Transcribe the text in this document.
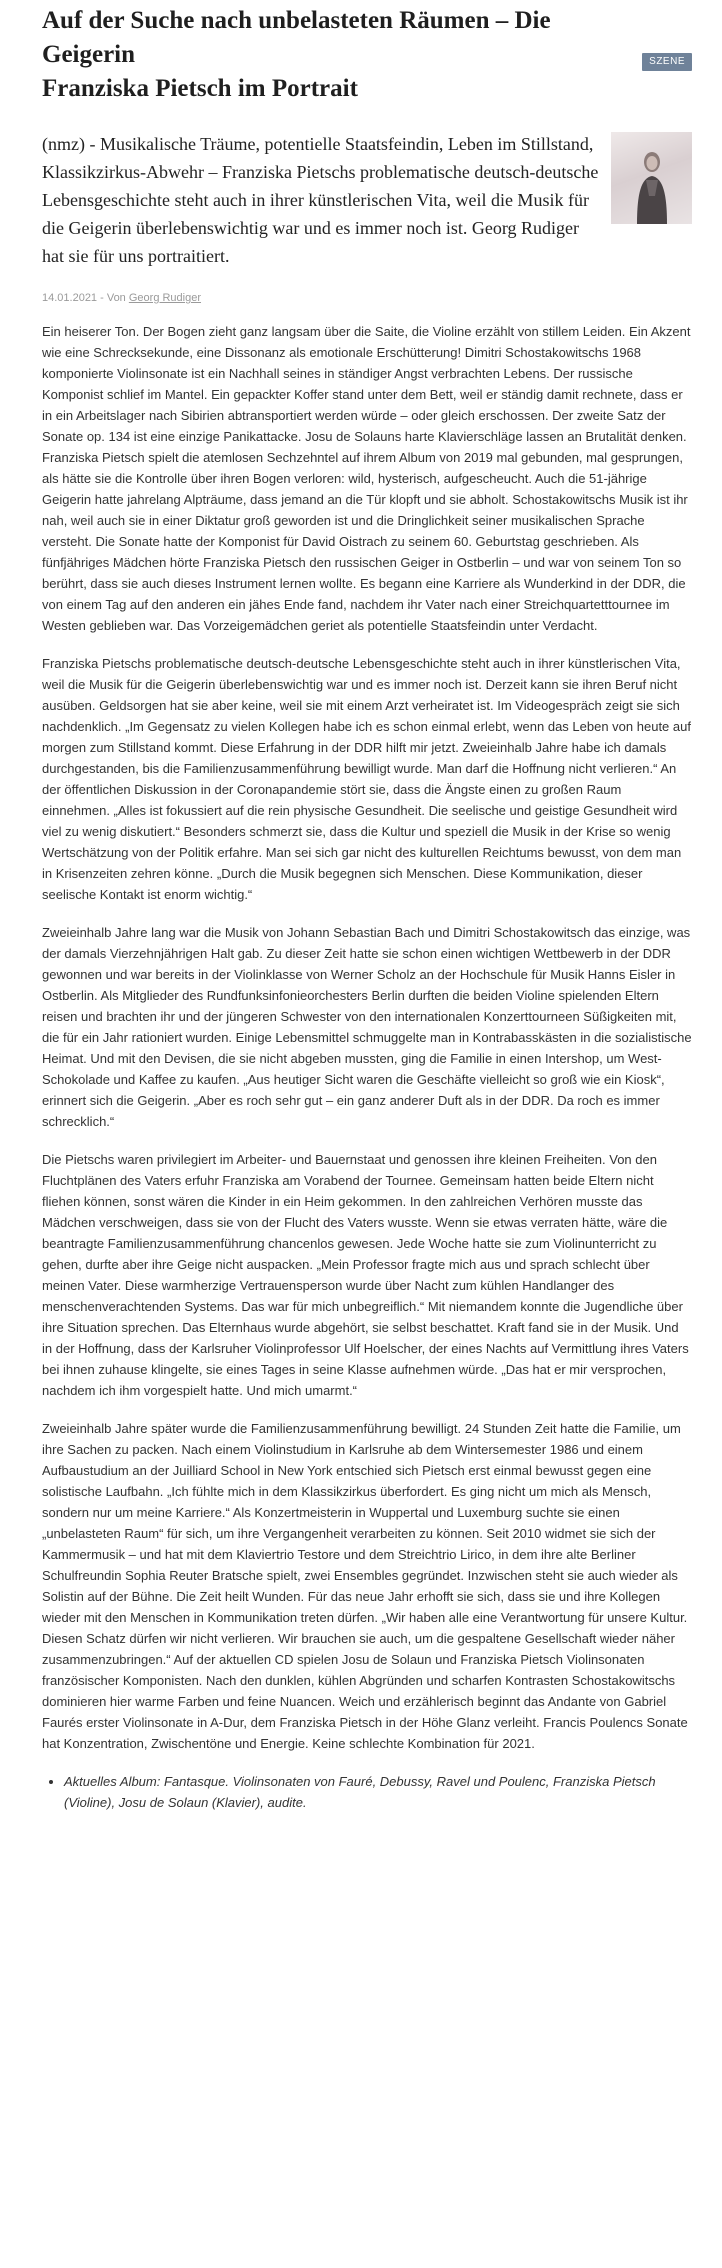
Auf der Suche nach unbelasteten Räumen – Die Geigerin
Franziska Pietsch im Portrait
SZENE

(nmz) - Musikalische Träume, potentielle Staatsfeindin, Leben im Stillstand, Klassikzirkus-Abwehr – Franziska Pietschs problematische deutsch-deutsche Lebensgeschichte steht auch in ihrer künstlerischen Vita, weil die Musik für die Geigerin überlebenswichtig war und es immer noch ist. Georg Rudiger hat sie für uns portraitiert.

14.01.2021 - Von Georg Rudiger

Ein heiserer Ton. Der Bogen zieht ganz langsam über die Saite, die Violine erzählt von stillem Leiden. Ein Akzent wie eine Schrecksekunde, eine Dissonanz als emotionale Erschütterung! Dimitri Schostakowitschs 1968 komponierte Violinsonate ist ein Nachhall seines in ständiger Angst verbrachten Lebens. Der russische Komponist schlief im Mantel. Ein gepackter Koffer stand unter dem Bett, weil er ständig damit rechnete, dass er in ein Arbeitslager nach Sibirien abtransportiert werden würde – oder gleich erschossen. Der zweite Satz der Sonate op. 134 ist eine einzige Panikattacke. Josu de Solauns harte Klavierschläge lassen an Brutalität denken. Franziska Pietsch spielt die atemlosen Sechzehntel auf ihrem Album von 2019 mal gebunden, mal gesprungen, als hätte sie die Kontrolle über ihren Bogen verloren: wild, hysterisch, aufgescheucht. Auch die 51-jährige Geigerin hatte jahrelang Alpträume, dass jemand an die Tür klopft und sie abholt. Schostakowitschs Musik ist ihr nah, weil auch sie in einer Diktatur groß geworden ist und die Dringlichkeit seiner musikalischen Sprache versteht. Die Sonate hatte der Komponist für David Oistrach zu seinem 60. Geburtstag geschrieben. Als fünfjähriges Mädchen hörte Franziska Pietsch den russischen Geiger in Ostberlin – und war von seinem Ton so berührt, dass sie auch dieses Instrument lernen wollte. Es begann eine Karriere als Wunderkind in der DDR, die von einem Tag auf den anderen ein jähes Ende fand, nachdem ihr Vater nach einer Streichquartetttournee im Westen geblieben war. Das Vorzeigemädchen geriet als potentielle Staatsfeindin unter Verdacht.

Franziska Pietschs problematische deutsch-deutsche Lebensgeschichte steht auch in ihrer künstlerischen Vita, weil die Musik für die Geigerin überlebenswichtig war und es immer noch ist. Derzeit kann sie ihren Beruf nicht ausüben. Geldsorgen hat sie aber keine, weil sie mit einem Arzt verheiratet ist. Im Videogespräch zeigt sie sich nachdenklich. „Im Gegensatz zu vielen Kollegen habe ich es schon einmal erlebt, wenn das Leben von heute auf morgen zum Stillstand kommt. Diese Erfahrung in der DDR hilft mir jetzt. Zweieinhalb Jahre habe ich damals durchgestanden, bis die Familienzusammenführung bewilligt wurde. Man darf die Hoffnung nicht verlieren.“ An der öffentlichen Diskussion in der Coronapandemie stört sie, dass die Ängste einen zu großen Raum einnehmen. „Alles ist fokussiert auf die rein physische Gesundheit. Die seelische und geistige Gesundheit wird viel zu wenig diskutiert.“ Besonders schmerzt sie, dass die Kultur und speziell die Musik in der Krise so wenig Wertschätzung von der Politik erfahre. Man sei sich gar nicht des kulturellen Reichtums bewusst, von dem man in Krisenzeiten zehren könne. „Durch die Musik begegnen sich Menschen. Diese Kommunikation, dieser seelische Kontakt ist enorm wichtig.“

Zweieinhalb Jahre lang war die Musik von Johann Sebastian Bach und Dimitri Schostakowitsch das einzige, was der damals Vierzehnjährigen Halt gab. Zu dieser Zeit hatte sie schon einen wichtigen Wettbewerb in der DDR gewonnen und war bereits in der Violinklasse von Werner Scholz an der Hochschule für Musik Hanns Eisler in Ostberlin. Als Mitglieder des Rundfunksinfonieorchesters Berlin durften die beiden Violine spielenden Eltern reisen und brachten ihr und der jüngeren Schwester von den internationalen Konzerttourneen Süßigkeiten mit, die für ein Jahr rationiert wurden. Einige Lebensmittel schmuggelte man in Kontrabasskästen in die sozialistische Heimat. Und mit den Devisen, die sie nicht abgeben mussten, ging die Familie in einen Intershop, um West-Schokolade und Kaffee zu kaufen. „Aus heutiger Sicht waren die Geschäfte vielleicht so groß wie ein Kiosk“, erinnert sich die Geigerin. „Aber es roch sehr gut – ein ganz anderer Duft als in der DDR. Da roch es immer schrecklich.“

Die Pietschs waren privilegiert im Arbeiter- und Bauernstaat und genossen ihre kleinen Freiheiten. Von den Fluchtplänen des Vaters erfuhr Franziska am Vorabend der Tournee. Gemeinsam hatten beide Eltern nicht fliehen können, sonst wären die Kinder in ein Heim gekommen. In den zahlreichen Verhören musste das Mädchen verschweigen, dass sie von der Flucht des Vaters wusste. Wenn sie etwas verraten hätte, wäre die beantragte Familienzusammenführung chancenlos gewesen. Jede Woche hatte sie zum Violinunterricht zu gehen, durfte aber ihre Geige nicht auspacken. „Mein Professor fragte mich aus und sprach schlecht über meinen Vater. Diese warmherzige Vertrauensperson wurde über Nacht zum kühlen Handlanger des menschenverachtenden Systems. Das war für mich unbegreiflich.“ Mit niemandem konnte die Jugendliche über ihre Situation sprechen. Das Elternhaus wurde abgehört, sie selbst beschattet. Kraft fand sie in der Musik. Und in der Hoffnung, dass der Karlsruher Violinprofessor Ulf Hoelscher, der eines Nachts auf Vermittlung ihres Vaters bei ihnen zuhause klingelte, sie eines Tages in seine Klasse aufnehmen würde. „Das hat er mir versprochen, nachdem ich ihm vorgespielt hatte. Und mich umarmt.“

Zweieinhalb Jahre später wurde die Familienzusammenführung bewilligt. 24 Stunden Zeit hatte die Familie, um ihre Sachen zu packen. Nach einem Violinstudium in Karlsruhe ab dem Wintersemester 1986 und einem Aufbaustudium an der Juilliard School in New York entschied sich Pietsch erst einmal bewusst gegen eine solistische Laufbahn. „Ich fühlte mich in dem Klassikzirkus überfordert. Es ging nicht um mich als Mensch, sondern nur um meine Karriere.“ Als Konzertmeisterin in Wuppertal und Luxemburg suchte sie einen „unbelasteten Raum“ für sich, um ihre Vergangenheit verarbeiten zu können. Seit 2010 widmet sie sich der Kammermusik – und hat mit dem Klaviertrio Testore und dem Streichtrio Lirico, in dem ihre alte Berliner Schulfreundin Sophia Reuter Bratsche spielt, zwei Ensembles gegründet. Inzwischen steht sie auch wieder als Solistin auf der Bühne. Die Zeit heilt Wunden. Für das neue Jahr erhofft sie sich, dass sie und ihre Kollegen wieder mit den Menschen in Kommunikation treten dürfen. „Wir haben alle eine Verantwortung für unsere Kultur. Diesen Schatz dürfen wir nicht verlieren. Wir brauchen sie auch, um die gespaltene Gesellschaft wieder näher zusammenzubringen.“ Auf der aktuellen CD spielen Josu de Solaun und Franziska Pietsch Violinsonaten französischer Komponisten. Nach den dunklen, kühlen Abgründen und scharfen Kontrasten Schostakowitschs dominieren hier warme Farben und feine Nuancen. Weich und erzählerisch beginnt das Andante von Gabriel Faurés erster Violinsonate in A-Dur, dem Franziska Pietsch in der Höhe Glanz verleiht. Francis Poulencs Sonate hat Konzentration, Zwischentöne und Energie. Keine schlechte Kombination für 2021.

• Aktuelles Album: Fantasque. Violinsonaten von Fauré, Debussy, Ravel und Poulenc, Franziska Pietsch (Violine), Josu de Solaun (Klavier), audite.
